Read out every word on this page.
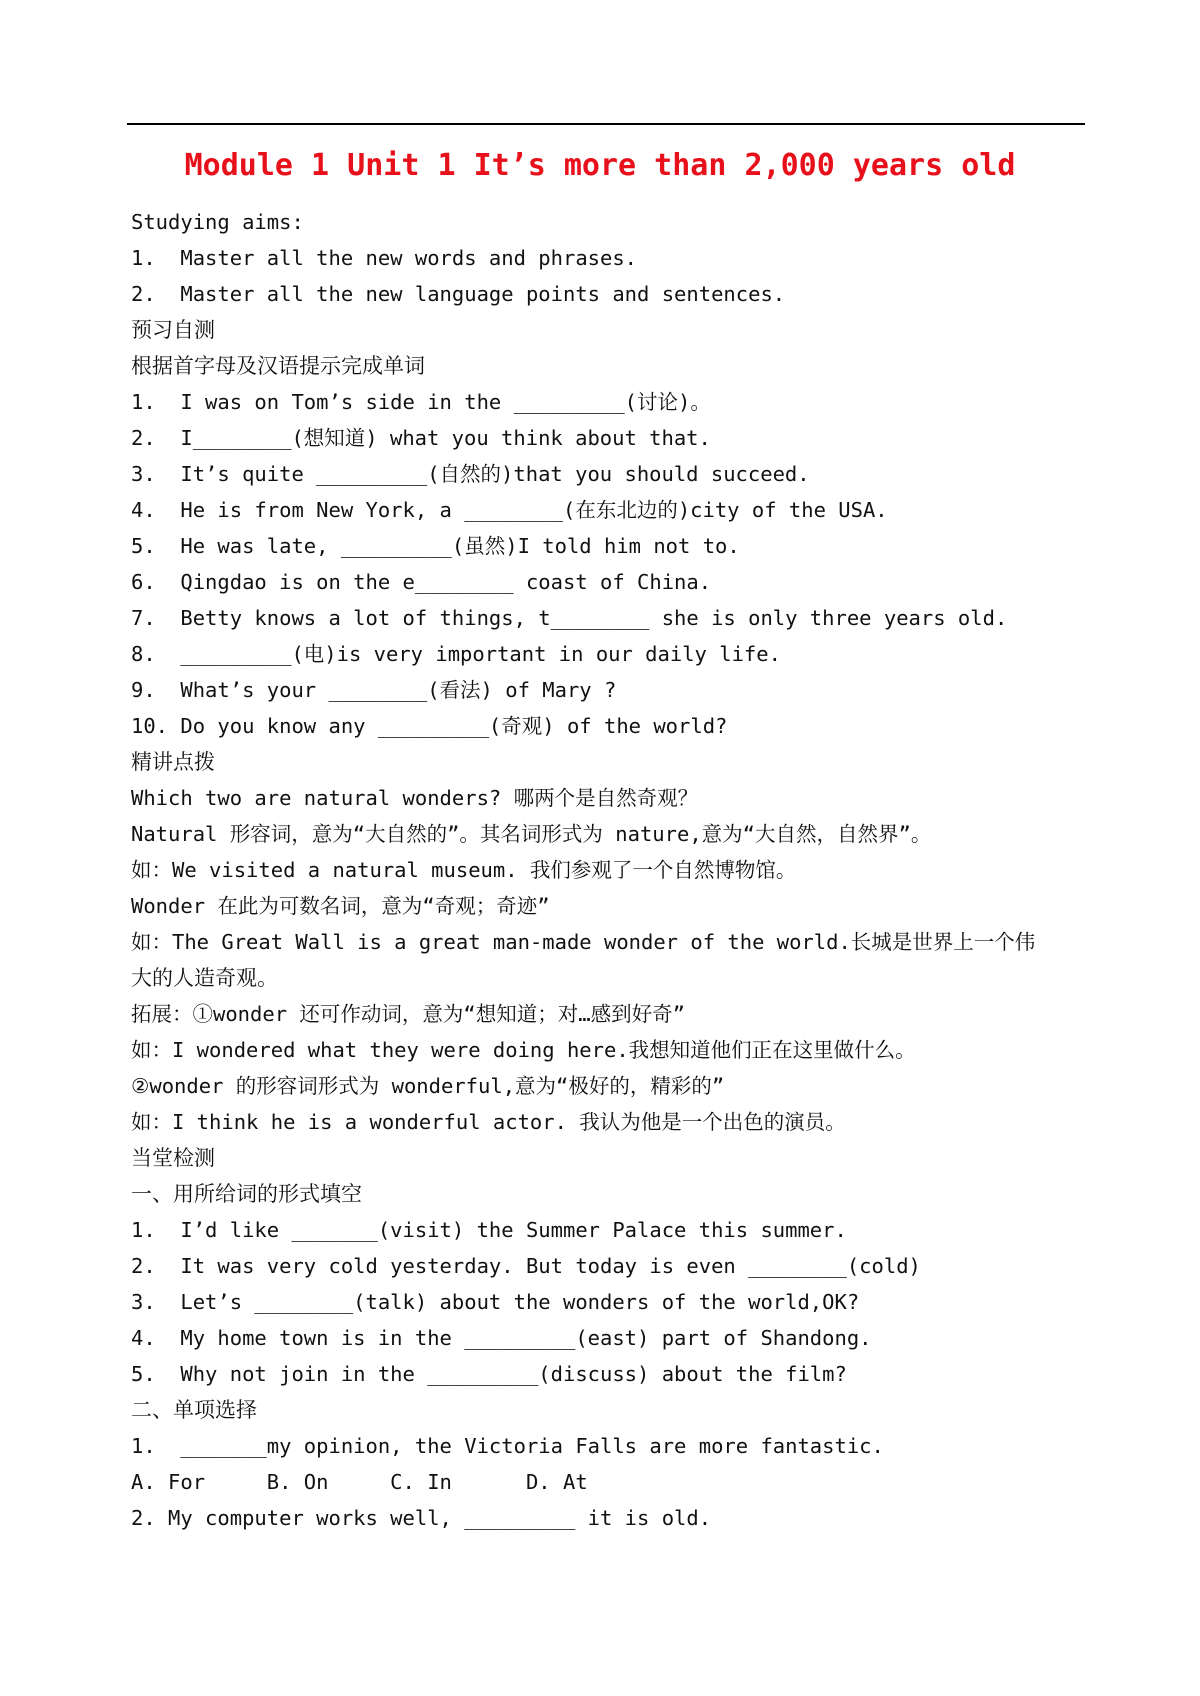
Module 1 Unit 1 It’s more than 2,000 years old
Studying aims:
1.  Master all the new words and phrases.
2.  Master all the new language points and sentences.
预习自测
根据首字母及汉语提示完成单词
1.  I was on Tom’s side in the _________(讨论)。
2.  I________(想知道) what you think about that.
3.  It’s quite _________(自然的)that you should succeed.
4.  He is from New York, a ________(在东北边的)city of the USA.
5.  He was late, _________(虽然)I told him not to.
6.  Qingdao is on the e________ coast of China.
7.  Betty knows a lot of things, t________ she is only three years old.
8.  _________(电)is very important in our daily life.
9.  What’s your ________(看法) of Mary ?
10. Do you know any _________(奇观) of the world?
精讲点拨
Which two are natural wonders? 哪两个是自然奇观？
Natural 形容词，意为“大自然的”。其名词形式为 nature,意为“大自然，自然界”。
如：We visited a natural museum. 我们参观了一个自然博物馆。
Wonder 在此为可数名词，意为“奇观；奇迹”
如：The Great Wall is a great man-made wonder of the world.长城是世界上一个伟
大的人造奇观。
拓展：①wonder 还可作动词，意为“想知道；对…感到好奇”
如：I wondered what they were doing here.我想知道他们正在这里做什么。
②wonder 的形容词形式为 wonderful,意为“极好的，精彩的”
如：I think he is a wonderful actor. 我认为他是一个出色的演员。
当堂检测
一、用所给词的形式填空
1.  I’d like _______(visit) the Summer Palace this summer.
2.  It was very cold yesterday. But today is even ________(cold)
3.  Let’s ________(talk) about the wonders of the world,OK?
4.  My home town is in the _________(east) part of Shandong.
5.  Why not join in the _________(discuss) about the film?
二、单项选择
1.  _______my opinion, the Victoria Falls are more fantastic.
A. For     B. On     C. In      D. At
2. My computer works well, _________ it is old.
